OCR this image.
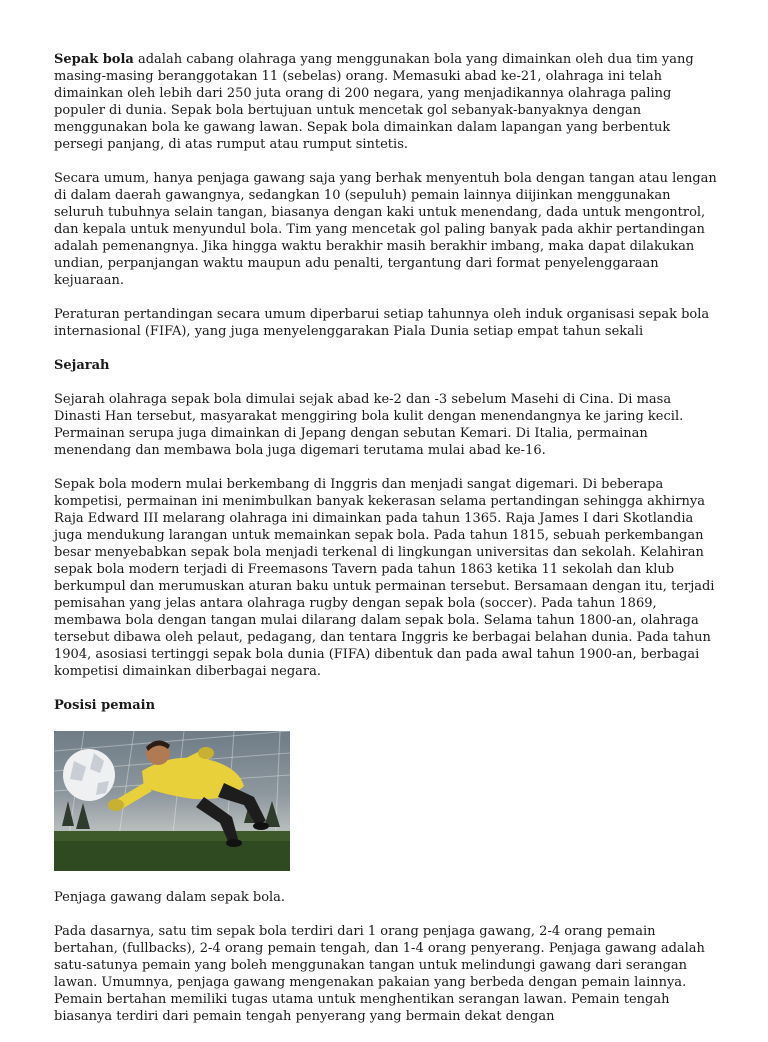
Sepak bola adalah cabang olahraga yang menggunakan bola yang dimainkan oleh dua tim yang masing-masing beranggotakan 11 (sebelas) orang. Memasuki abad ke-21, olahraga ini telah dimainkan oleh lebih dari 250 juta orang di 200 negara, yang menjadikannya olahraga paling populer di dunia. Sepak bola bertujuan untuk mencetak gol sebanyak-banyaknya dengan menggunakan bola ke gawang lawan. Sepak bola dimainkan dalam lapangan yang berbentuk persegi panjang, di atas rumput atau rumput sintetis.

Secara umum, hanya penjaga gawang saja yang berhak menyentuh bola dengan tangan atau lengan di dalam daerah gawangnya, sedangkan 10 (sepuluh) pemain lainnya diijinkan menggunakan seluruh tubuhnya selain tangan, biasanya dengan kaki untuk menendang, dada untuk mengontrol, dan kepala untuk menyundul bola. Tim yang mencetak gol paling banyak pada akhir pertandingan adalah pemenangnya. Jika hingga waktu berakhir masih berakhir imbang, maka dapat dilakukan undian, perpanjangan waktu maupun adu penalti, tergantung dari format penyelenggaraan kejuaraan.

Peraturan pertandingan secara umum diperbarui setiap tahunnya oleh induk organisasi sepak bola internasional (FIFA), yang juga menyelenggarakan Piala Dunia setiap empat tahun sekali

Sejarah

Sejarah olahraga sepak bola dimulai sejak abad ke-2 dan -3 sebelum Masehi di Cina. Di masa Dinasti Han tersebut, masyarakat menggiring bola kulit dengan menendangnya ke jaring kecil. Permainan serupa juga dimainkan di Jepang dengan sebutan Kemari. Di Italia, permainan menendang dan membawa bola juga digemari terutama mulai abad ke-16.

Sepak bola modern mulai berkembang di Inggris dan menjadi sangat digemari. Di beberapa kompetisi, permainan ini menimbulkan banyak kekerasan selama pertandingan sehingga akhirnya Raja Edward III melarang olahraga ini dimainkan pada tahun 1365. Raja James I dari Skotlandia juga mendukung larangan untuk memainkan sepak bola. Pada tahun 1815, sebuah perkembangan besar menyebabkan sepak bola menjadi terkenal di lingkungan universitas dan sekolah. Kelahiran sepak bola modern terjadi di Freemasons Tavern pada tahun 1863 ketika 11 sekolah dan klub berkumpul dan merumuskan aturan baku untuk permainan tersebut. Bersamaan dengan itu, terjadi pemisahan yang jelas antara olahraga rugby dengan sepak bola (soccer). Pada tahun 1869, membawa bola dengan tangan mulai dilarang dalam sepak bola. Selama tahun 1800-an, olahraga tersebut dibawa oleh pelaut, pedagang, dan tentara Inggris ke berbagai belahan dunia. Pada tahun 1904, asosiasi tertinggi sepak bola dunia (FIFA) dibentuk dan pada awal tahun 1900-an, berbagai kompetisi dimainkan diberbagai negara.

Posisi pemain

Penjaga gawang dalam sepak bola.

Pada dasarnya, satu tim sepak bola terdiri dari 1 orang penjaga gawang, 2-4 orang pemain bertahan, (fullbacks), 2-4 orang pemain tengah, dan 1-4 orang penyerang. Penjaga gawang adalah satu-satunya pemain yang boleh menggunakan tangan untuk melindungi gawang dari serangan lawan. Umumnya, penjaga gawang mengenakan pakaian yang berbeda dengan pemain lainnya. Pemain bertahan memiliki tugas utama untuk menghentikan serangan lawan. Pemain tengah biasanya terdiri dari pemain tengah penyerang yang bermain dekat dengan
